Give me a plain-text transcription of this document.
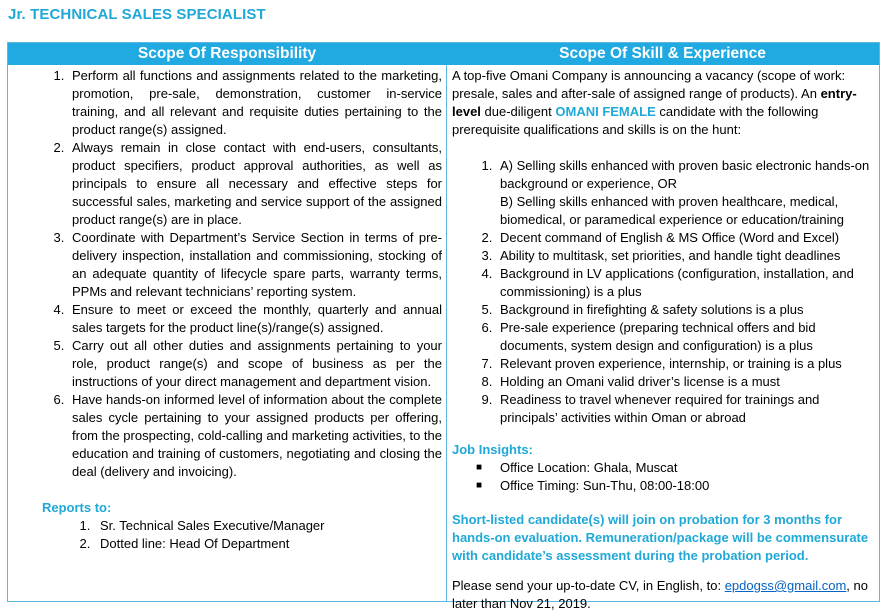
Jr. TECHNICAL SALES SPECIALIST
Scope Of Responsibility
1. Perform all functions and assignments related to the marketing, promotion, pre-sale, demonstration, customer in-service training, and all relevant and requisite duties pertaining to the product range(s) assigned.
2. Always remain in close contact with end-users, consultants, product specifiers, product approval authorities, as well as principals to ensure all necessary and effective steps for successful sales, marketing and service support of the assigned product range(s) are in place.
3. Coordinate with Department’s Service Section in terms of pre-delivery inspection, installation and commissioning, stocking of an adequate quantity of lifecycle spare parts, warranty terms, PPMs and relevant technicians’ reporting system.
4. Ensure to meet or exceed the monthly, quarterly and annual sales targets for the product line(s)/range(s) assigned.
5. Carry out all other duties and assignments pertaining to your role, product range(s) and scope of business as per the instructions of your direct management and department vision.
6. Have hands-on informed level of information about the complete sales cycle pertaining to your assigned products per offering, from the prospecting, cold-calling and marketing activities, to the education and training of customers, negotiating and closing the deal (delivery and invoicing).
Reports to:
1. Sr. Technical Sales Executive/Manager
2. Dotted line: Head Of Department
Scope Of Skill & Experience
A top-five Omani Company is announcing a vacancy (scope of work: presale, sales and after-sale of assigned range of products). An entry-level due-diligent OMANI FEMALE candidate with the following prerequisite qualifications and skills is on the hunt:
1. A) Selling skills enhanced with proven basic electronic hands-on background or experience, OR
B) Selling skills enhanced with proven healthcare, medical, biomedical, or paramedical experience or education/training
2. Decent command of English & MS Office (Word and Excel)
3. Ability to multitask, set priorities, and handle tight deadlines
4. Background in LV applications (configuration, installation, and commissioning) is a plus
5. Background in firefighting & safety solutions is a plus
6. Pre-sale experience (preparing technical offers and bid documents, system design and configuration) is a plus
7. Relevant proven experience, internship, or training is a plus
8. Holding an Omani valid driver’s license is a must
9. Readiness to travel whenever required for trainings and principals’ activities within Oman or abroad
Job Insights:
■ Office Location: Ghala, Muscat
■ Office Timing: Sun-Thu, 08:00-18:00
Short-listed candidate(s) will join on probation for 3 months for hands-on evaluation. Remuneration/package will be commensurate with candidate’s assessment during the probation period.
Please send your up-to-date CV, in English, to: epdogss@gmail.com, no later than Nov 21, 2019.
